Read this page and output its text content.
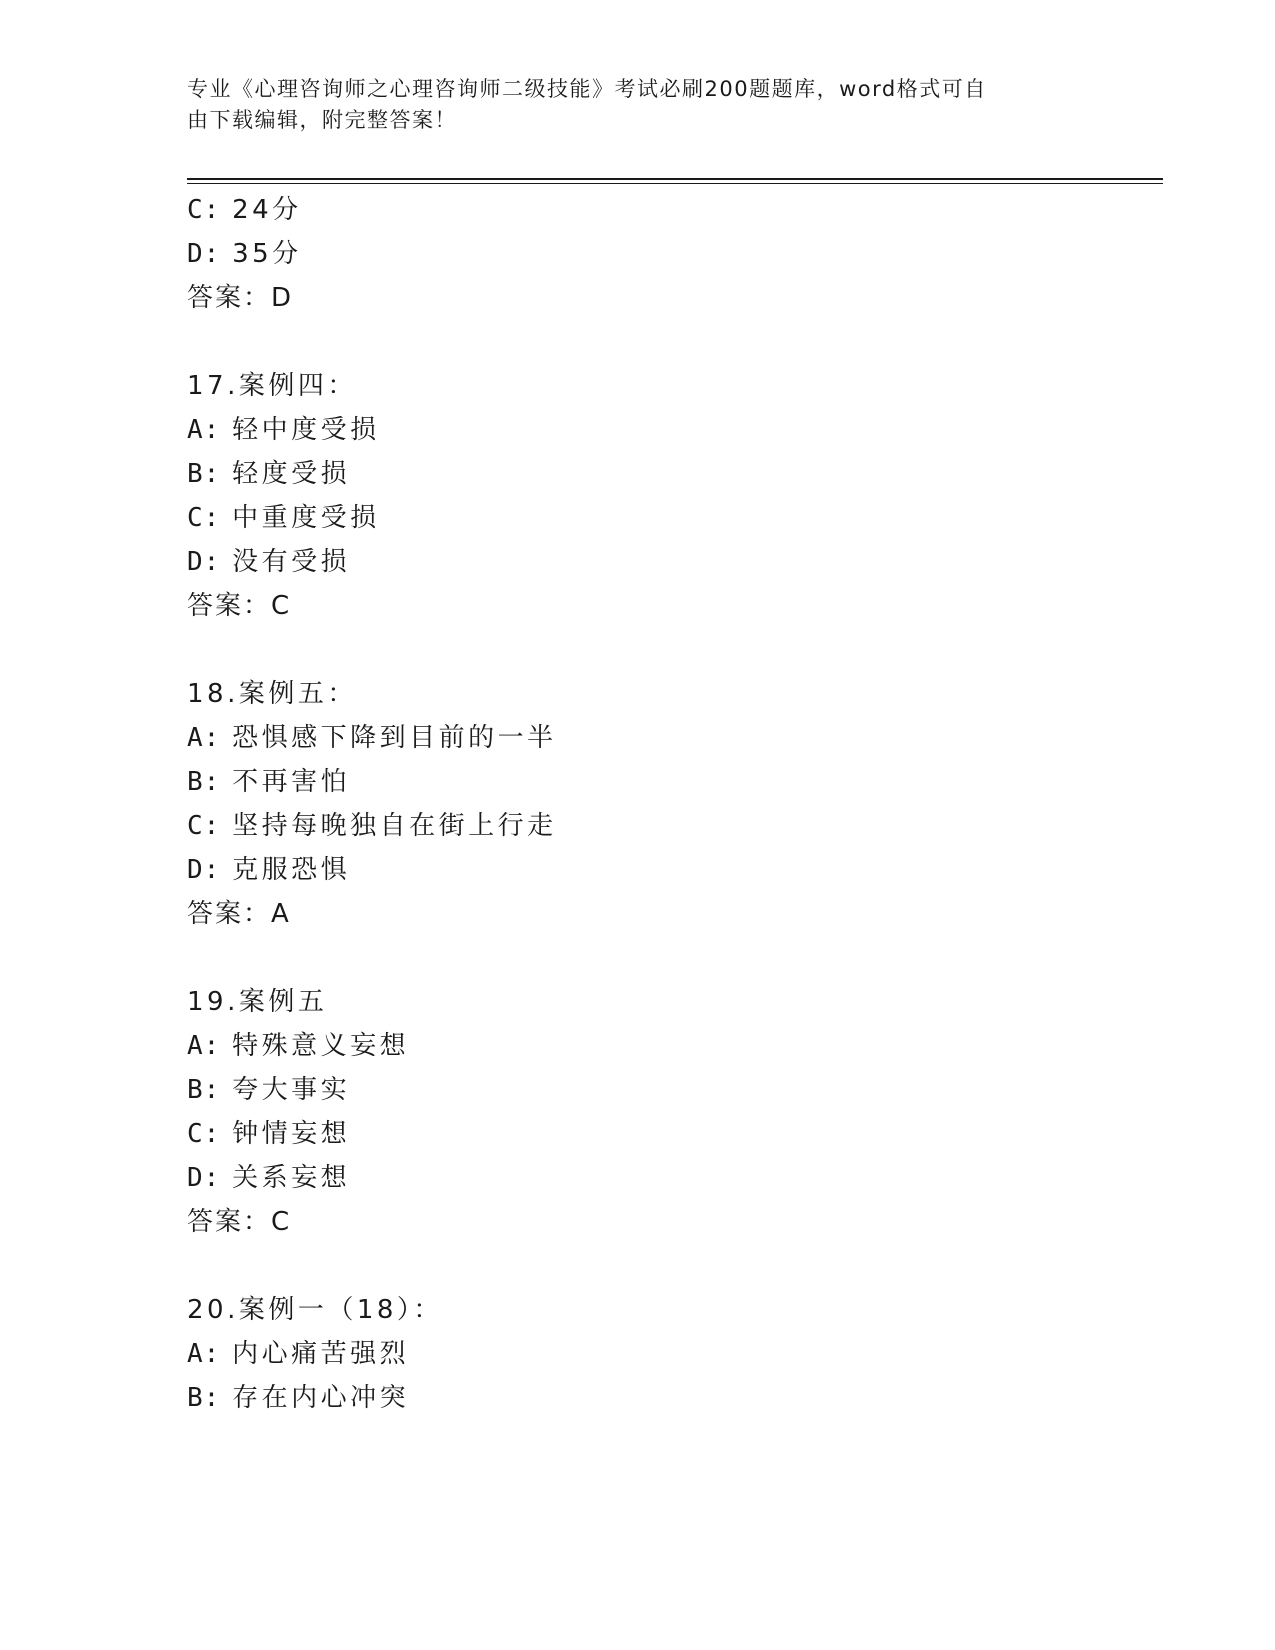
专业《心理咨询师之心理咨询师二级技能》考试必刷200题题库，word格式可自
由下载编辑，附完整答案！
C: 24分
D: 35分
答案：D
17.案例四：
A: 轻中度受损
B: 轻度受损
C: 中重度受损
D: 没有受损
答案：C
18.案例五：
A: 恐惧感下降到目前的一半
B: 不再害怕
C: 坚持每晚独自在街上行走
D: 克服恐惧
答案：A
19.案例五
A: 特殊意义妄想
B: 夸大事实
C: 钟情妄想
D: 关系妄想
答案：C
20.案例一（18）：
A: 内心痛苦强烈
B: 存在内心冲突
